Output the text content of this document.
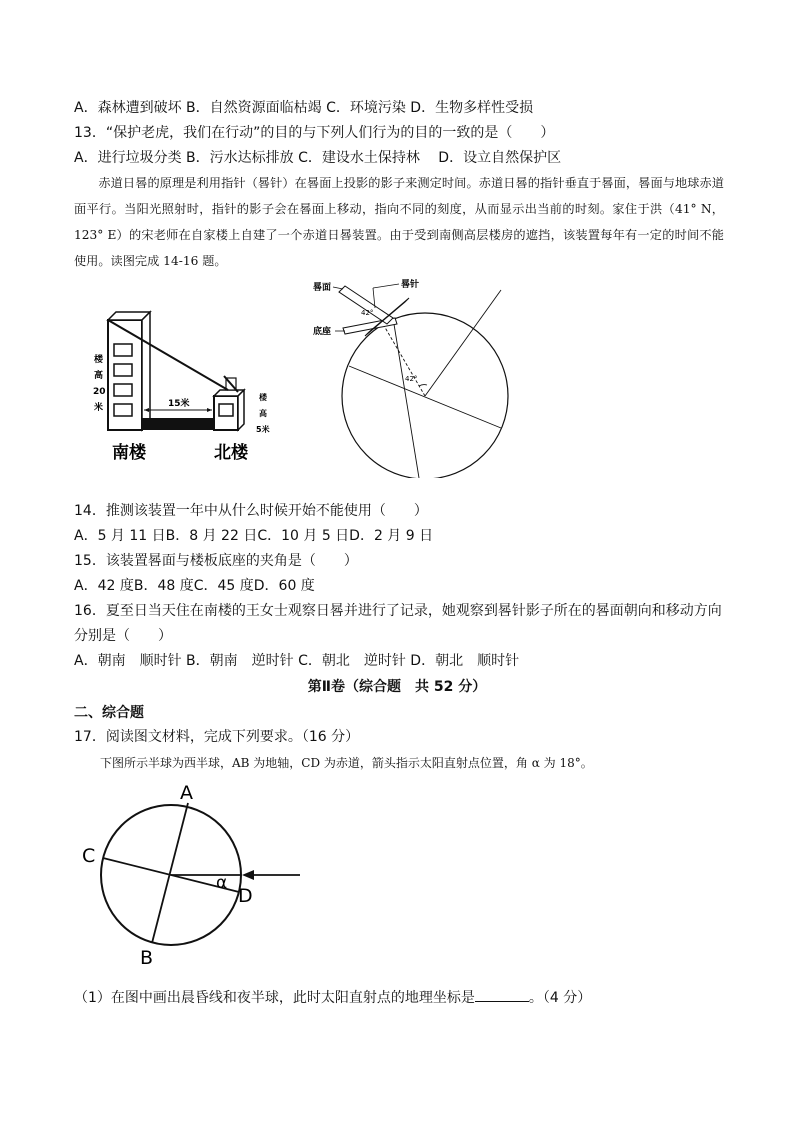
A．森林遭到破坏 B．自然资源面临枯竭 C．环境污染 D．生物多样性受损
13．“保护老虎，我们在行动”的目的与下列人们行为的目的一致的是（　　）
A．进行垃圾分类 B．污水达标排放 C．建设水土保持林　 D．设立自然保护区

赤道日晷的原理是利用指针（晷针）在晷面上投影的影子来测定时间。赤道日晷的指针垂直于晷面，晷面与地球赤道面平行。当阳光照射时，指针的影子会在晷面上移动，指向不同的刻度，从而显示出当前的时刻。家住于洪（41° N，123° E）的宋老师在自家楼上自建了一个赤道日晷装置。由于受到南侧高层楼房的遮挡，该装置每年有一定的时间不能使用。读图完成 14-16 题。

15米
楼
高
20
米
楼
高
5米
南楼	北楼
晷面	晷针
底座
42°
42°
14．推测该装置一年中从什么时候开始不能使用（　　）
A．5 月 11 日B．8 月 22 日C．10 月 5 日D．2 月 9 日
15．该装置晷面与楼板底座的夹角是（　　）
A．42 度B．48 度C．45 度D．60 度
16．夏至日当天住在南楼的王女士观察日晷并进行了记录，她观察到晷针影子所在的晷面朝向和移动方向
分别是（　　）
A．朝南　顺时针 B．朝南　逆时针 C．朝北　逆时针 D．朝北　顺时针
第Ⅱ卷（综合题　共 52 分）
二、综合题
17．阅读图文材料，完成下列要求。（16 分）
下图所示半球为西半球，AB 为地轴，CD 为赤道，箭头指示太阳直射点位置，角 α 为 18°。
A
B
C
D
α
（1）在图中画出晨昏线和夜半球，此时太阳直射点的地理坐标是	。（4 分）
